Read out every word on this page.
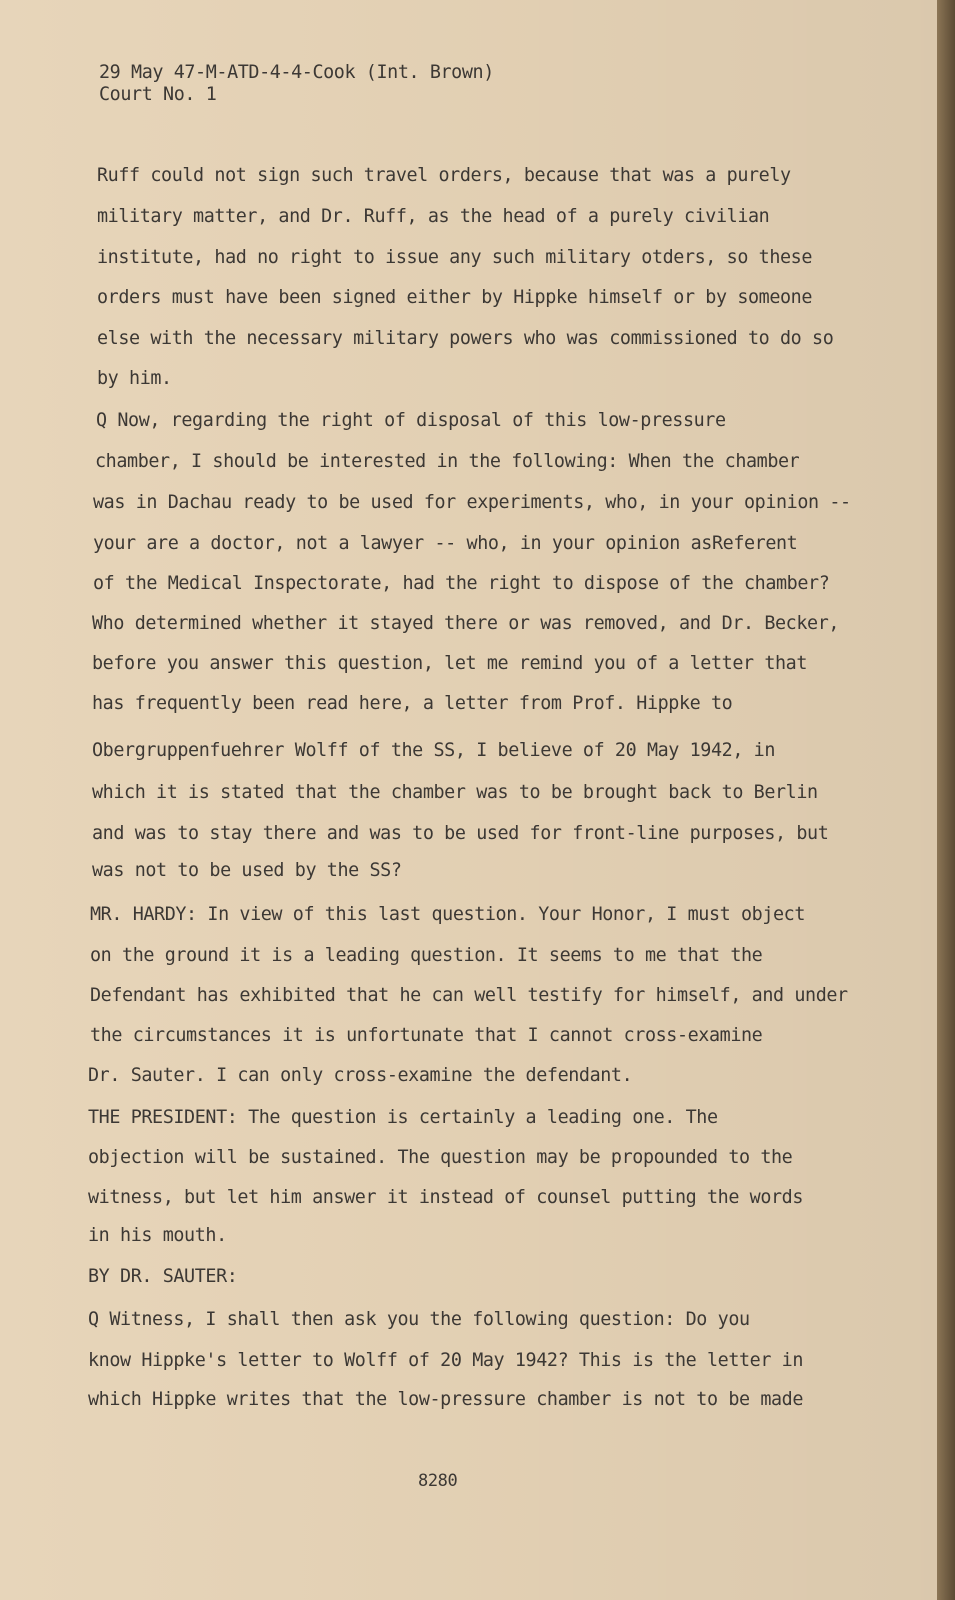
29 May 47-M-ATD-4-4-Cook (Int. Brown)
Court No. 1
Ruff could not sign such travel orders, because that was a purely
military matter, and Dr. Ruff, as the head of a purely civilian
institute, had no right to issue any such military otders, so these
orders must have been signed either by Hippke himself or by someone
else with the necessary military powers who was commissioned to do so
by him.
Q Now, regarding the right of disposal of this low-pressure
chamber, I should be interested in the following: When the chamber
was in Dachau ready to be used for experiments, who, in your opinion --
your are a doctor, not a lawyer -- who, in your opinion asReferent
of the Medical Inspectorate, had the right to dispose of the chamber?
Who determined whether it stayed there or was removed, and Dr. Becker,
before you answer this question, let me remind you of a letter that
has frequently been read here, a letter from Prof. Hippke to
Obergruppenfuehrer Wolff of the SS, I believe of 20 May 1942, in
which it is stated that the chamber was to be brought back to Berlin
and was to stay there and was to be used for front-line purposes, but
was not to be used by the SS?
MR. HARDY: In view of this last question. Your Honor, I must object
on the ground it is a leading question. It seems to me that the
Defendant has exhibited that he can well testify for himself, and under
the circumstances it is unfortunate that I cannot cross-examine
Dr. Sauter. I can only cross-examine the defendant.
THE PRESIDENT: The question is certainly a leading one. The
objection will be sustained. The question may be propounded to the
witness, but let him answer it instead of counsel putting the words
in his mouth.
BY DR. SAUTER:
Q Witness, I shall then ask you the following question: Do you
know Hippke's letter to Wolff of 20 May 1942? This is the letter in
which Hippke writes that the low-pressure chamber is not to be made
8280
